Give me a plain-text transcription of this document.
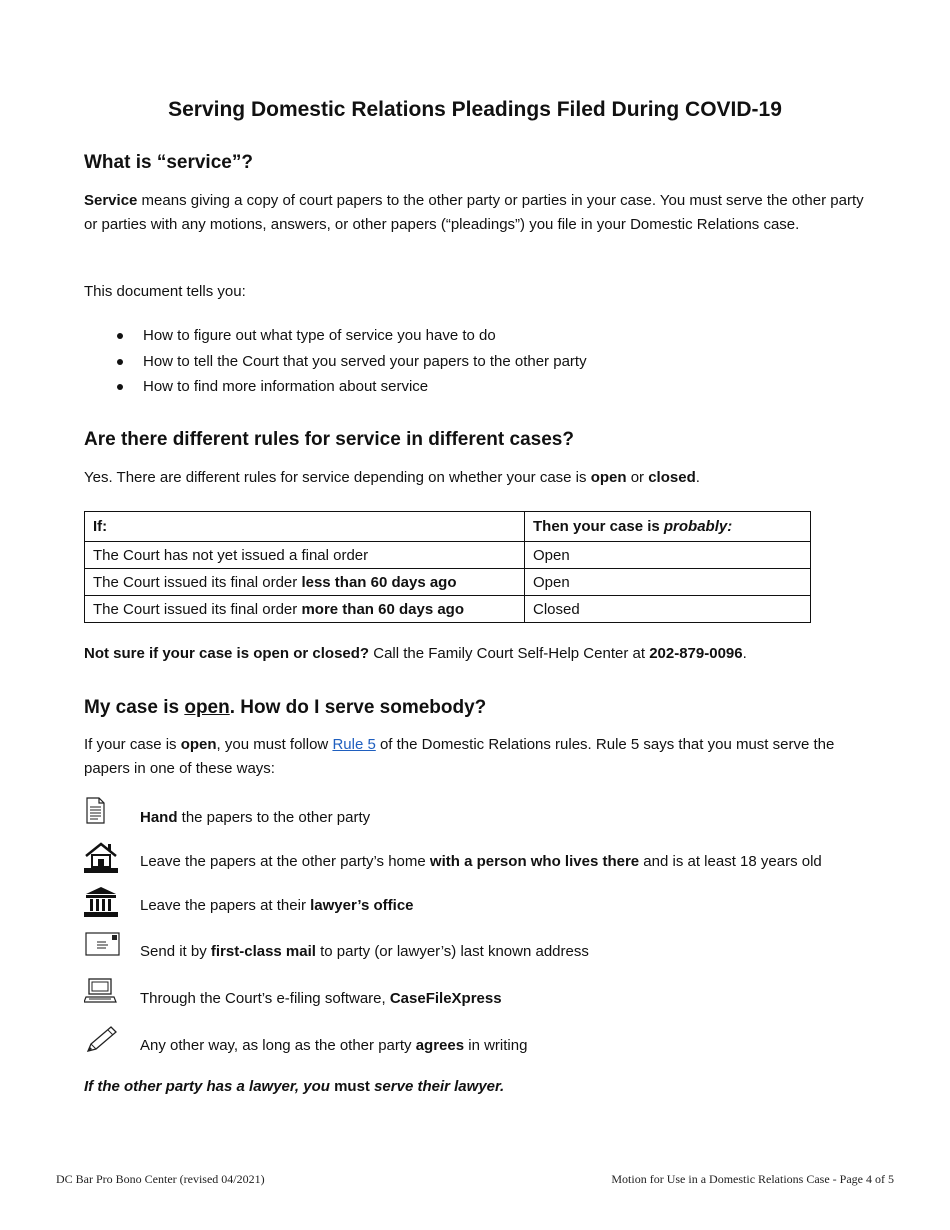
Serving Domestic Relations Pleadings Filed During COVID-19
What is “service”?

Service means giving a copy of court papers to the other party or parties in your case. You must serve the other party or parties with any motions, answers, or other papers (“pleadings”) you file in your Domestic Relations case.

This document tells you:

How to figure out what type of service you have to do
How to tell the Court that you served your papers to the other party
How to find more information about service
Are there different rules for service in different cases?

Yes. There are different rules for service depending on whether your case is open or closed.

If:	Then your case is probably:
The Court has not yet issued a final order	Open
The Court issued its final order less than 60 days ago	Open
The Court issued its final order more than 60 days ago	Closed

Not sure if your case is open or closed? Call the Family Court Self-Help Center at 202-879-0096.

My case is open. How do I serve somebody?

If your case is open, you must follow Rule 5 of the Domestic Relations rules. Rule 5 says that you must serve the papers in one of these ways:

Hand the papers to the other party
Leave the papers at the other party’s home with a person who lives there and is at least 18 years old
Leave the papers at their lawyer’s office
Send it by first-class mail to party (or lawyer’s) last known address
Through the Court’s e-filing software, CaseFileXpress
Any other way, as long as the other party agrees in writing

If the other party has a lawyer, you must serve their lawyer.

DC Bar Pro Bono Center (revised 04/2021)	Motion for Use in a Domestic Relations Case - Page 4 of 5
